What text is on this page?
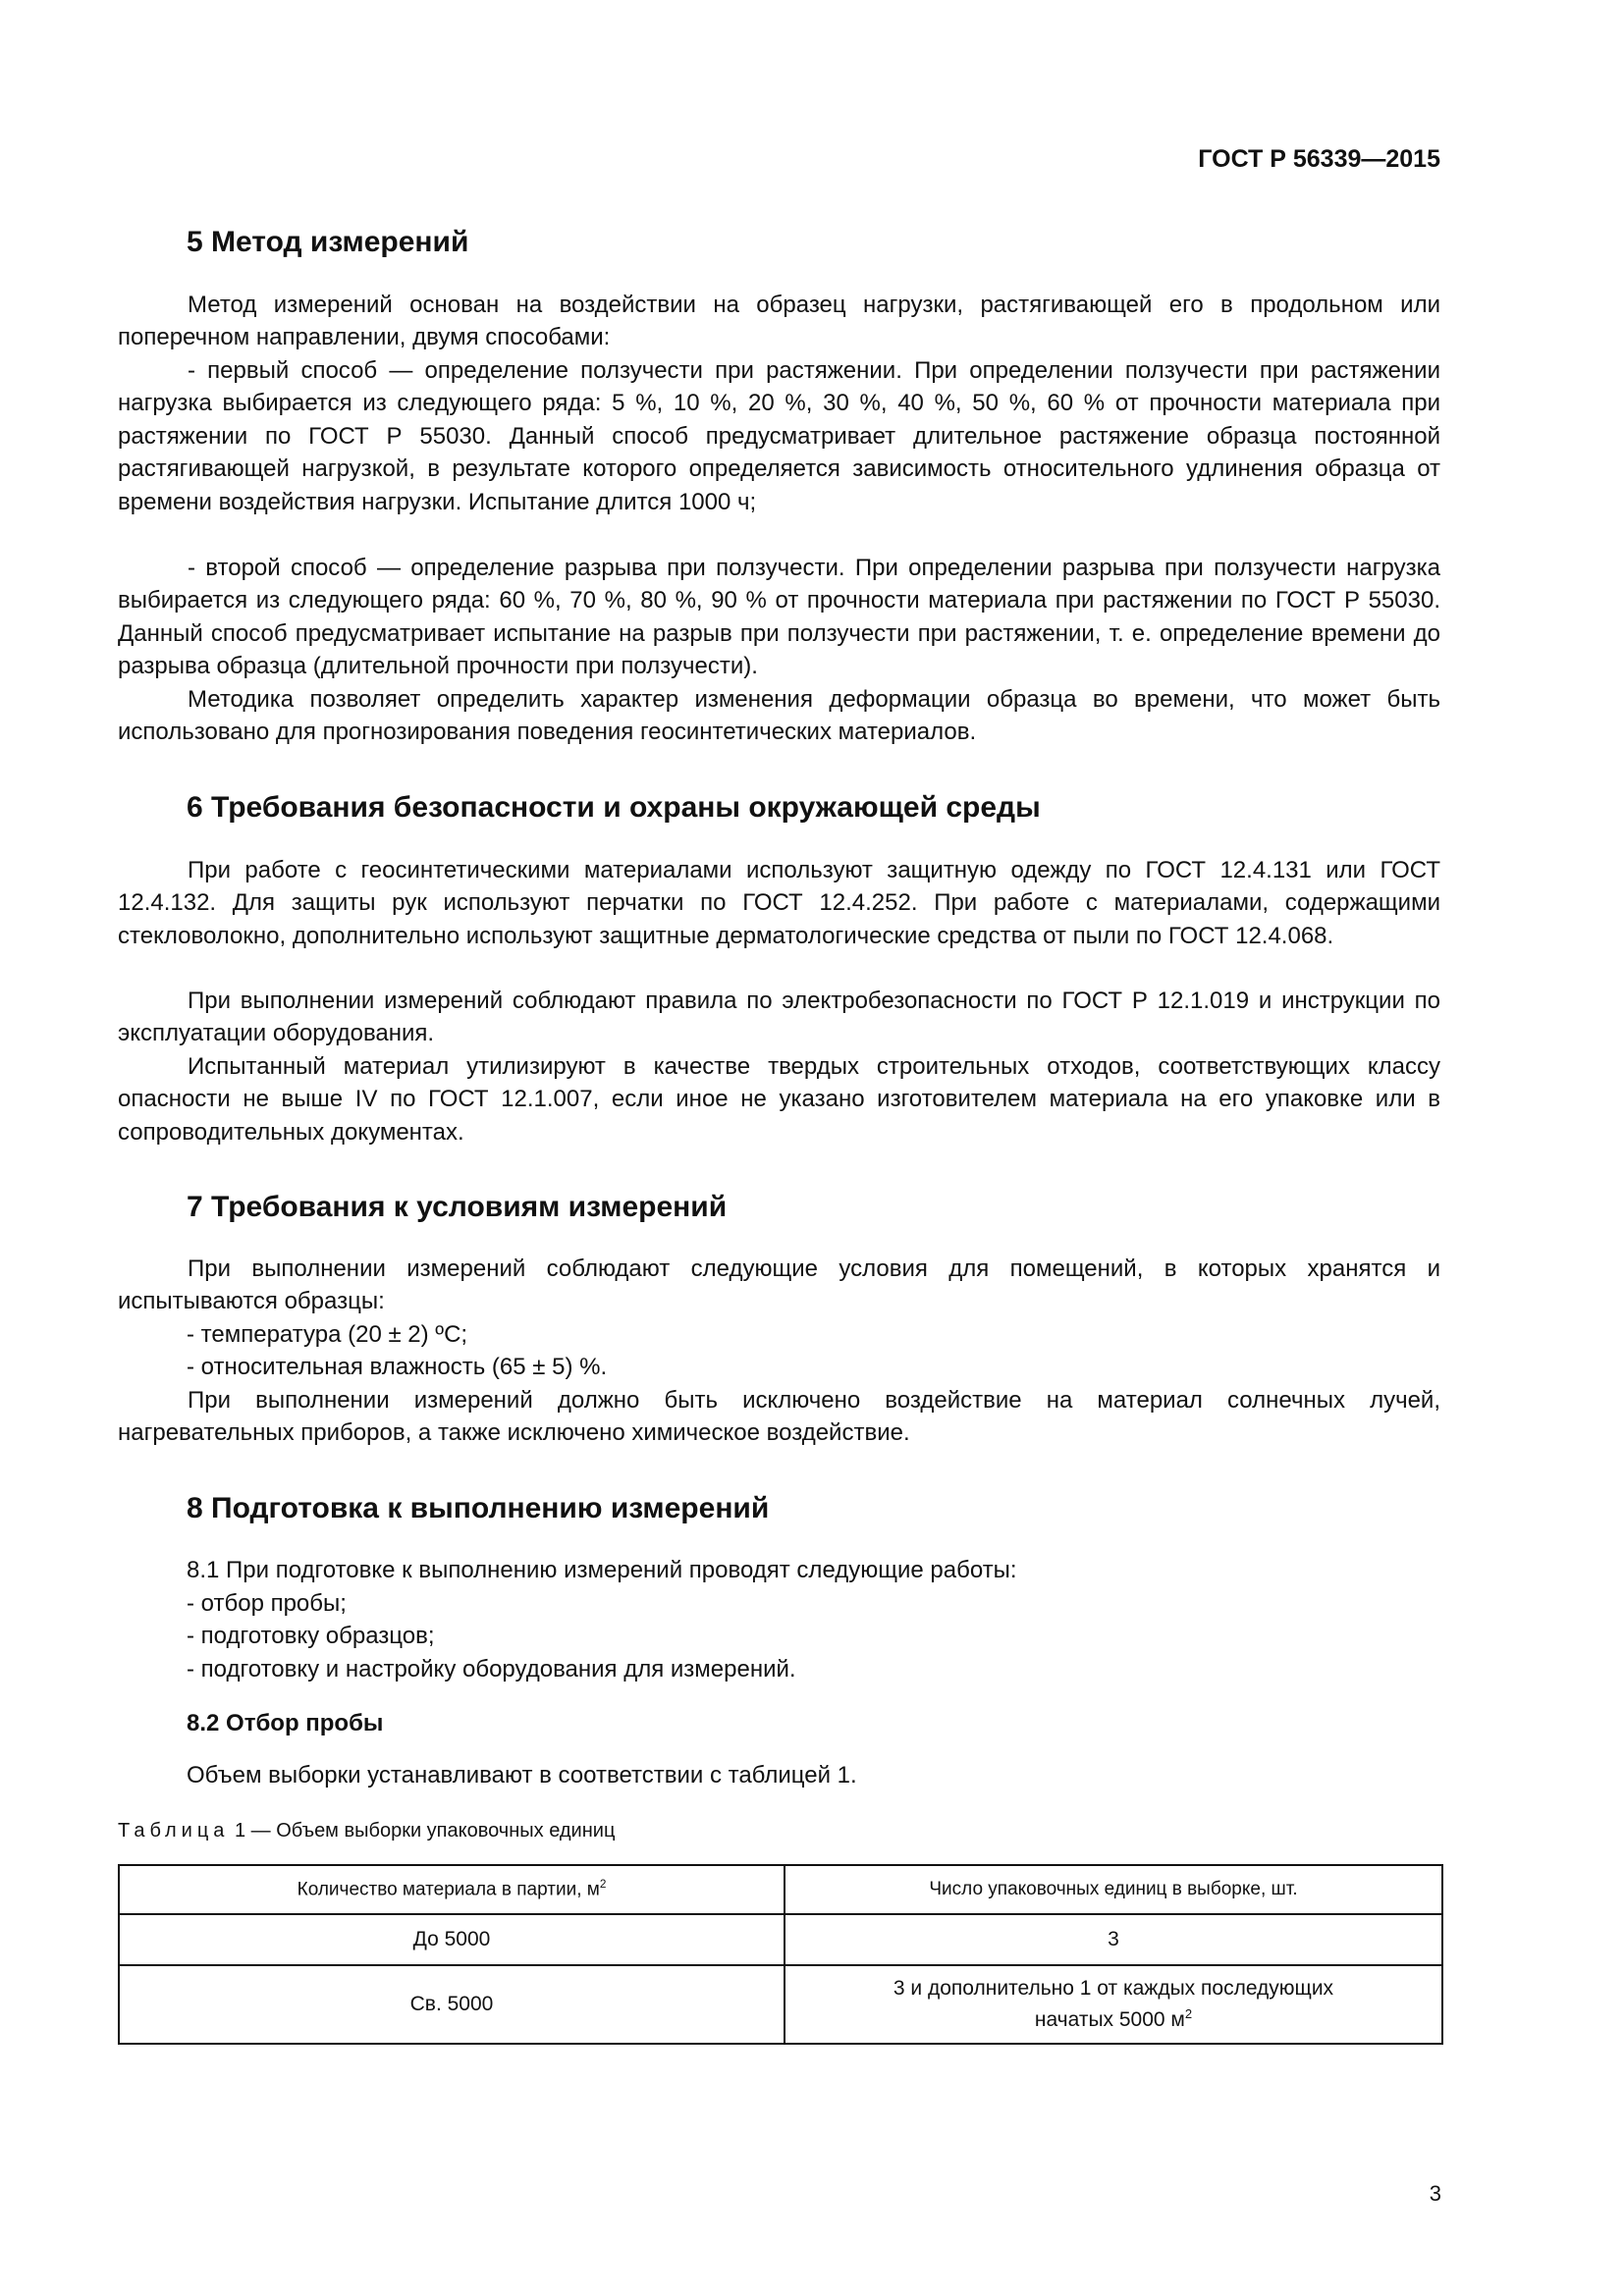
ГОСТ Р 56339—2015
5 Метод измерений

Метод измерений основан на воздействии на образец нагрузки, растягивающей его в продольном или поперечном направлении, двумя способами:

- первый способ — определение ползучести при растяжении. При определении ползучести при растяжении нагрузка выбирается из следующего ряда: 5 %, 10 %, 20 %, 30 %, 40 %, 50 %, 60 % от прочности материала при растяжении по ГОСТ Р 55030. Данный способ предусматривает длительное растяжение образца постоянной растягивающей нагрузкой, в результате которого определяется зависимость относительного удлинения образца от времени воздействия нагрузки. Испытание длится 1000 ч;

- второй способ — определение разрыва при ползучести. При определении разрыва при ползучести нагрузка выбирается из следующего ряда: 60 %, 70 %, 80 %, 90 % от прочности материала при растяжении по ГОСТ Р 55030. Данный способ предусматривает испытание на разрыв при ползучести при растяжении, т. е. определение времени до разрыва образца (длительной прочности при ползучести).

Методика позволяет определить характер изменения деформации образца во времени, что может быть использовано для прогнозирования поведения геосинтетических материалов.

6 Требования безопасности и охраны окружающей среды

При работе с геосинтетическими материалами используют защитную одежду по ГОСТ 12.4.131 или ГОСТ 12.4.132. Для защиты рук используют перчатки по ГОСТ 12.4.252. При работе с материалами, содержащими стекловолокно, дополнительно используют защитные дерматологические средства от пыли по ГОСТ 12.4.068.

При выполнении измерений соблюдают правила по электробезопасности по ГОСТ Р 12.1.019 и инструкции по эксплуатации оборудования.

Испытанный материал утилизируют в качестве твердых строительных отходов, соответствующих классу опасности не выше IV по ГОСТ 12.1.007, если иное не указано изготовителем материала на его упаковке или в сопроводительных документах.

7 Требования к условиям измерений

При выполнении измерений соблюдают следующие условия для помещений, в которых хранятся и испытываются образцы:

- температура (20 ± 2) ºC;

- относительная влажность (65 ± 5) %.

При выполнении измерений должно быть исключено воздействие на материал солнечных лучей, нагревательных приборов, а также исключено химическое воздействие.

8 Подготовка к выполнению измерений

8.1 При подготовке к выполнению измерений проводят следующие работы:

- отбор пробы;

- подготовку образцов;

- подготовку и настройку оборудования для измерений.

8.2 Отбор пробы

Объем выборки устанавливают в соответствии с таблицей 1.

Таблица 1 — Объем выборки упаковочных единиц
Количество материала в партии, $м^2$	Число упаковочных единиц в выборке, шт.
До 5000	3
Св. 5000	3 и дополнительно 1 от каждых последующих
начатых 5000 $м^2$
3
